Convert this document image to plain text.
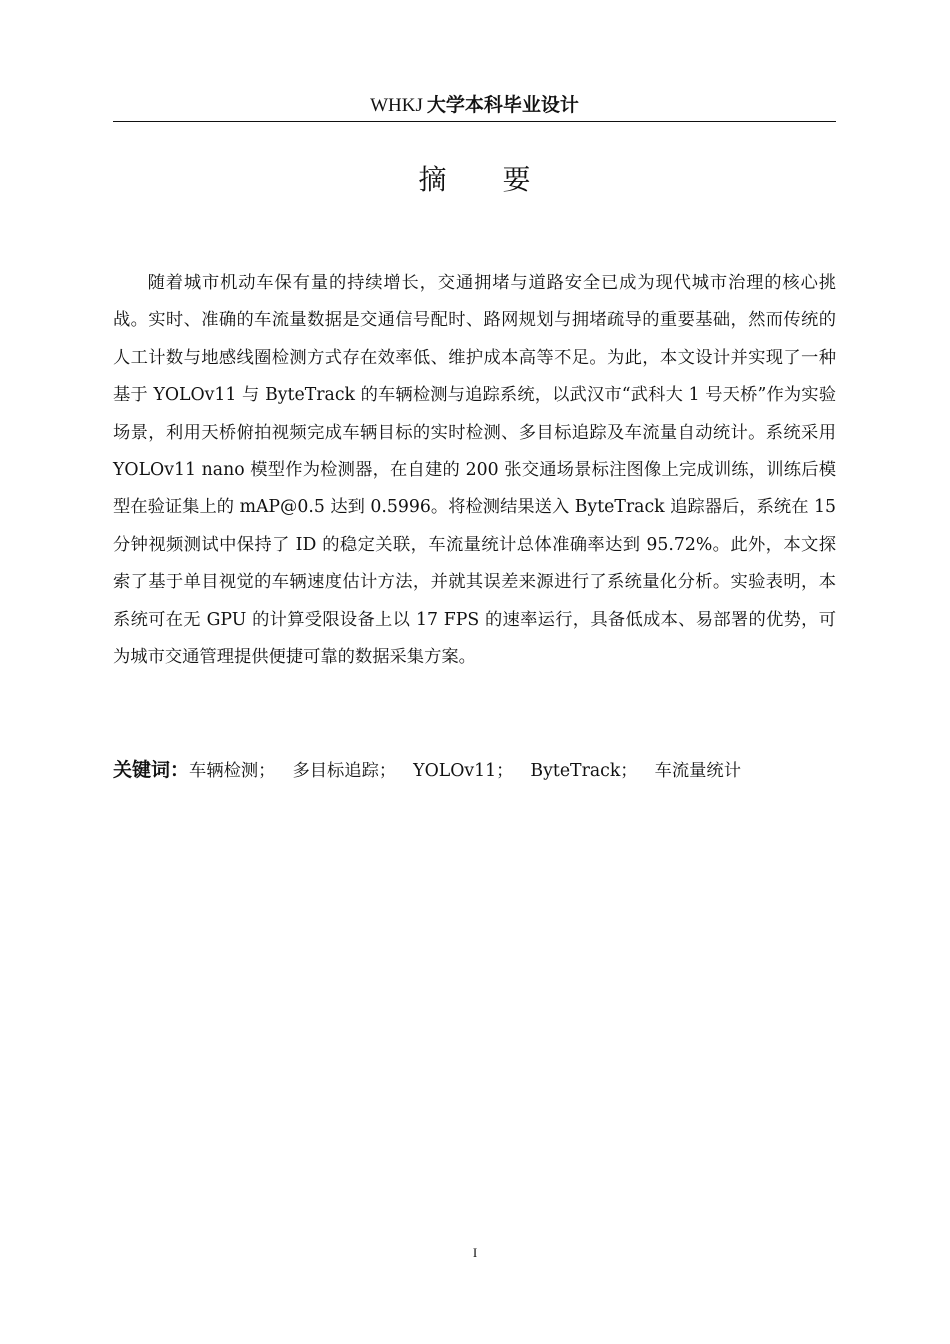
WHKJ 大学本科毕业设计
摘要

随着城市机动车保有量的持续增长，交通拥堵与道路安全已成为现代城市治理的核心挑战。实时、准确的车流量数据是交通信号配时、路网规划与拥堵疏导的重要基础，然而传统的人工计数与地感线圈检测方式存在效率低、维护成本高等不足。为此，本文设计并实现了一种基于 YOLOv11 与 ByteTrack 的车辆检测与追踪系统，以武汉市“武科大 1 号天桥”作为实验场景，利用天桥俯拍视频完成车辆目标的实时检测、多目标追踪及车流量自动统计。系统采用 YOLOv11 nano 模型作为检测器，在自建的 200 张交通场景标注图像上完成训练，训练后模型在验证集上的 mAP@0.5 达到 0.5996。将检测结果送入 ByteTrack 追踪器后，系统在 15 分钟视频测试中保持了 ID 的稳定关联，车流量统计总体准确率达到 95.72%。此外，本文探索了基于单目视觉的车辆速度估计方法，并就其误差来源进行了系统量化分析。实验表明，本系统可在无 GPU 的计算受限设备上以 17 FPS 的速率运行，具备低成本、易部署的优势，可为城市交通管理提供便捷可靠的数据采集方案。

关键词：车辆检测； 多目标追踪； YOLOv11； ByteTrack； 车流量统计
I
